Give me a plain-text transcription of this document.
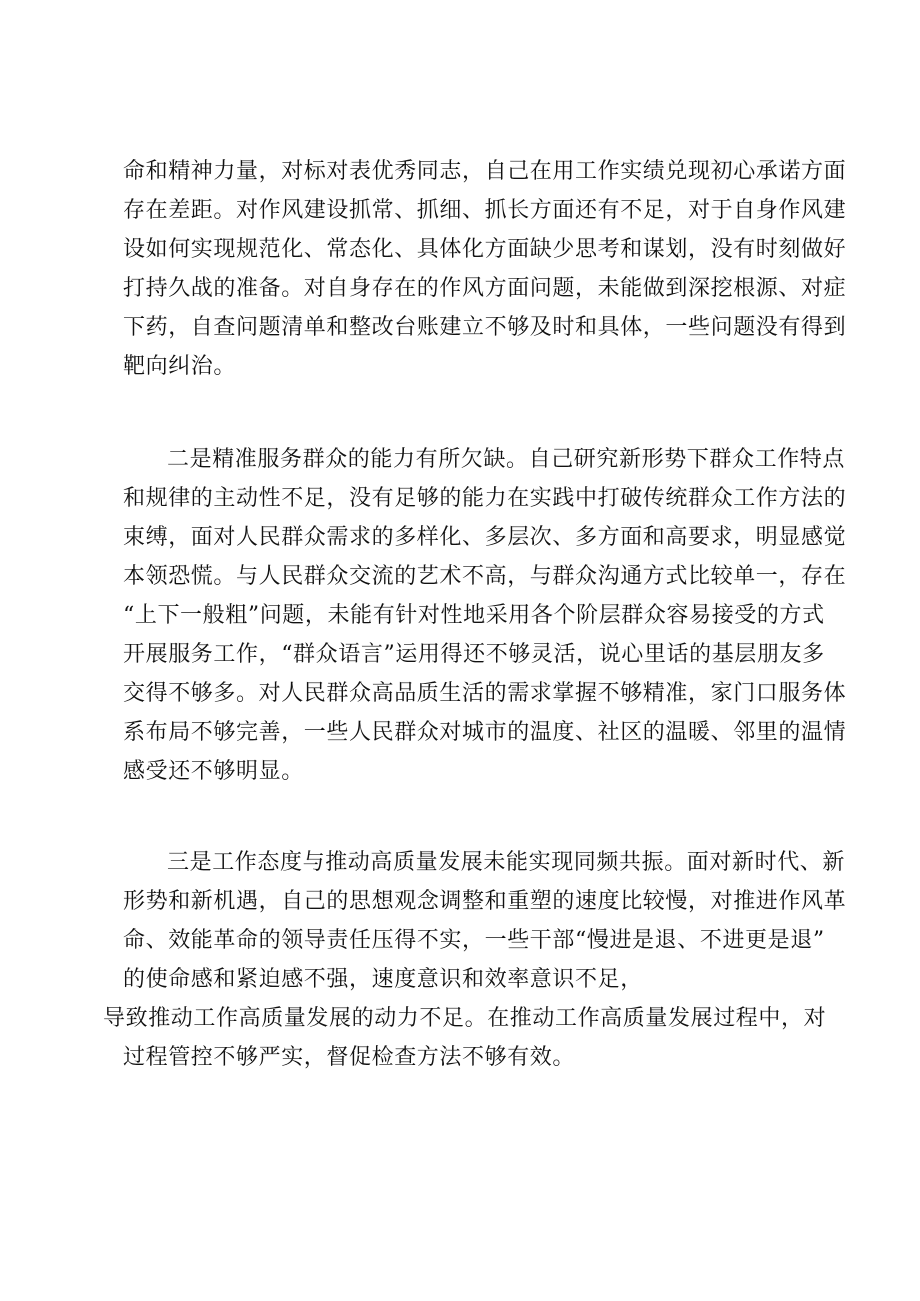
命和精神力量，对标对表优秀同志，自己在用工作实绩兑现初心承诺方面
存在差距。对作风建设抓常、抓细、抓长方面还有不足，对于自身作风建
设如何实现规范化、常态化、具体化方面缺少思考和谋划，没有时刻做好
打持久战的准备。对自身存在的作风方面问题，未能做到深挖根源、对症
下药，自查问题清单和整改台账建立不够及时和具体，一些问题没有得到
靶向纠治。
二是精准服务群众的能力有所欠缺。自己研究新形势下群众工作特点
和规律的主动性不足，没有足够的能力在实践中打破传统群众工作方法的
束缚，面对人民群众需求的多样化、多层次、多方面和高要求，明显感觉
本领恐慌。与人民群众交流的艺术不高，与群众沟通方式比较单一，存在
“上下一般粗”问题，未能有针对性地采用各个阶层群众容易接受的方式
开展服务工作，“群众语言”运用得还不够灵活，说心里话的基层朋友多
交得不够多。对人民群众高品质生活的需求掌握不够精准，家门口服务体
系布局不够完善，一些人民群众对城市的温度、社区的温暖、邻里的温情
感受还不够明显。
三是工作态度与推动高质量发展未能实现同频共振。面对新时代、新
形势和新机遇，自己的思想观念调整和重塑的速度比较慢，对推进作风革
命、效能革命的领导责任压得不实，一些干部“慢进是退、不进更是退”
的使命感和紧迫感不强，速度意识和效率意识不足，
导致推动工作高质量发展的动力不足。在推动工作高质量发展过程中，对
过程管控不够严实，督促检查方法不够有效。
